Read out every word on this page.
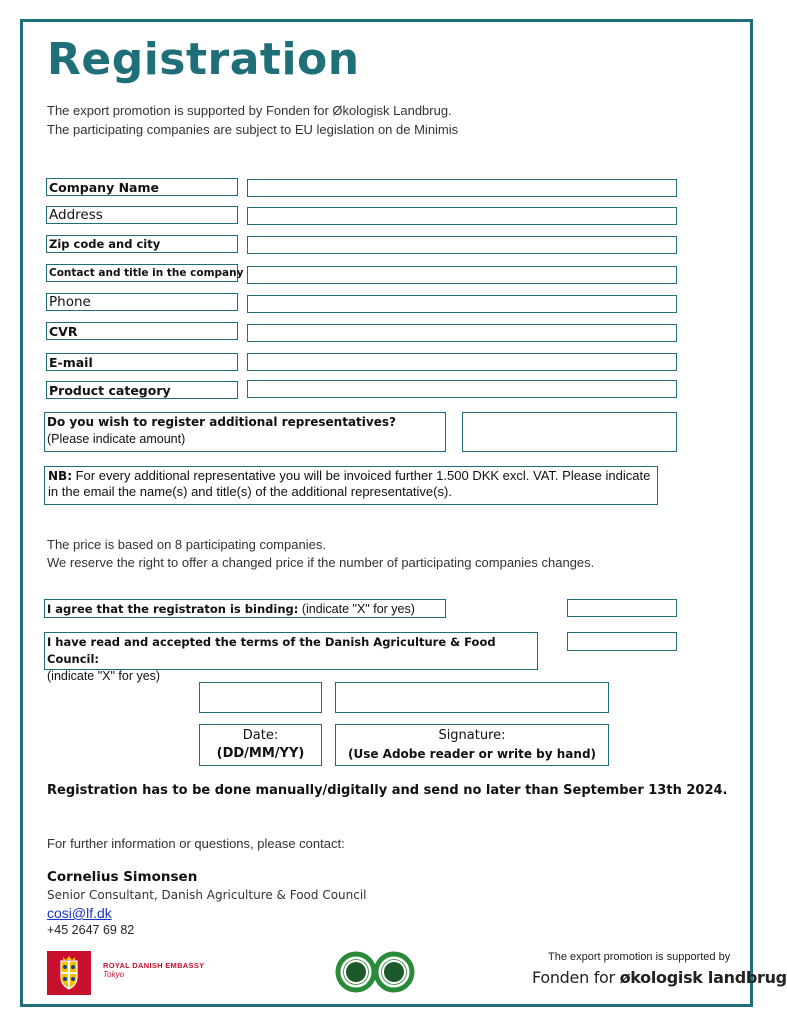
Registration
The export promotion is supported by Fonden for Økologisk Landbrug.
The participating companies are subject to EU legislation on de Minimis
Company Name
Address
Zip code and city
Contact and title in the company
Phone
CVR
E-mail
Product category
Do you wish to register additional representatives?
(Please indicate amount)
NB: For every additional representative you will be invoiced further 1.500 DKK excl. VAT. Please indicate in the email the name(s) and title(s) of the additional representative(s).
The price is based on 8 participating companies.
We reserve the right to offer a changed price if the number of participating companies changes.
I agree that the registraton is binding: (indicate "X" for yes)
I have read and accepted the terms of the Danish Agriculture & Food Council:
(indicate "X" for yes)
Date:
(DD/MM/YY)
Signature:
(Use Adobe reader or write by hand)
Registration has to be done manually/digitally and send no later than September 13th 2024.
For further information or questions, please contact:
Cornelius Simonsen
Senior Consultant, Danish Agriculture & Food Council
cosi@lf.dk
+45 2647 69 82
ROYAL DANISH EMBASSY
Tokyo
The export promotion is supported by
Fonden for økologisk landbrug
